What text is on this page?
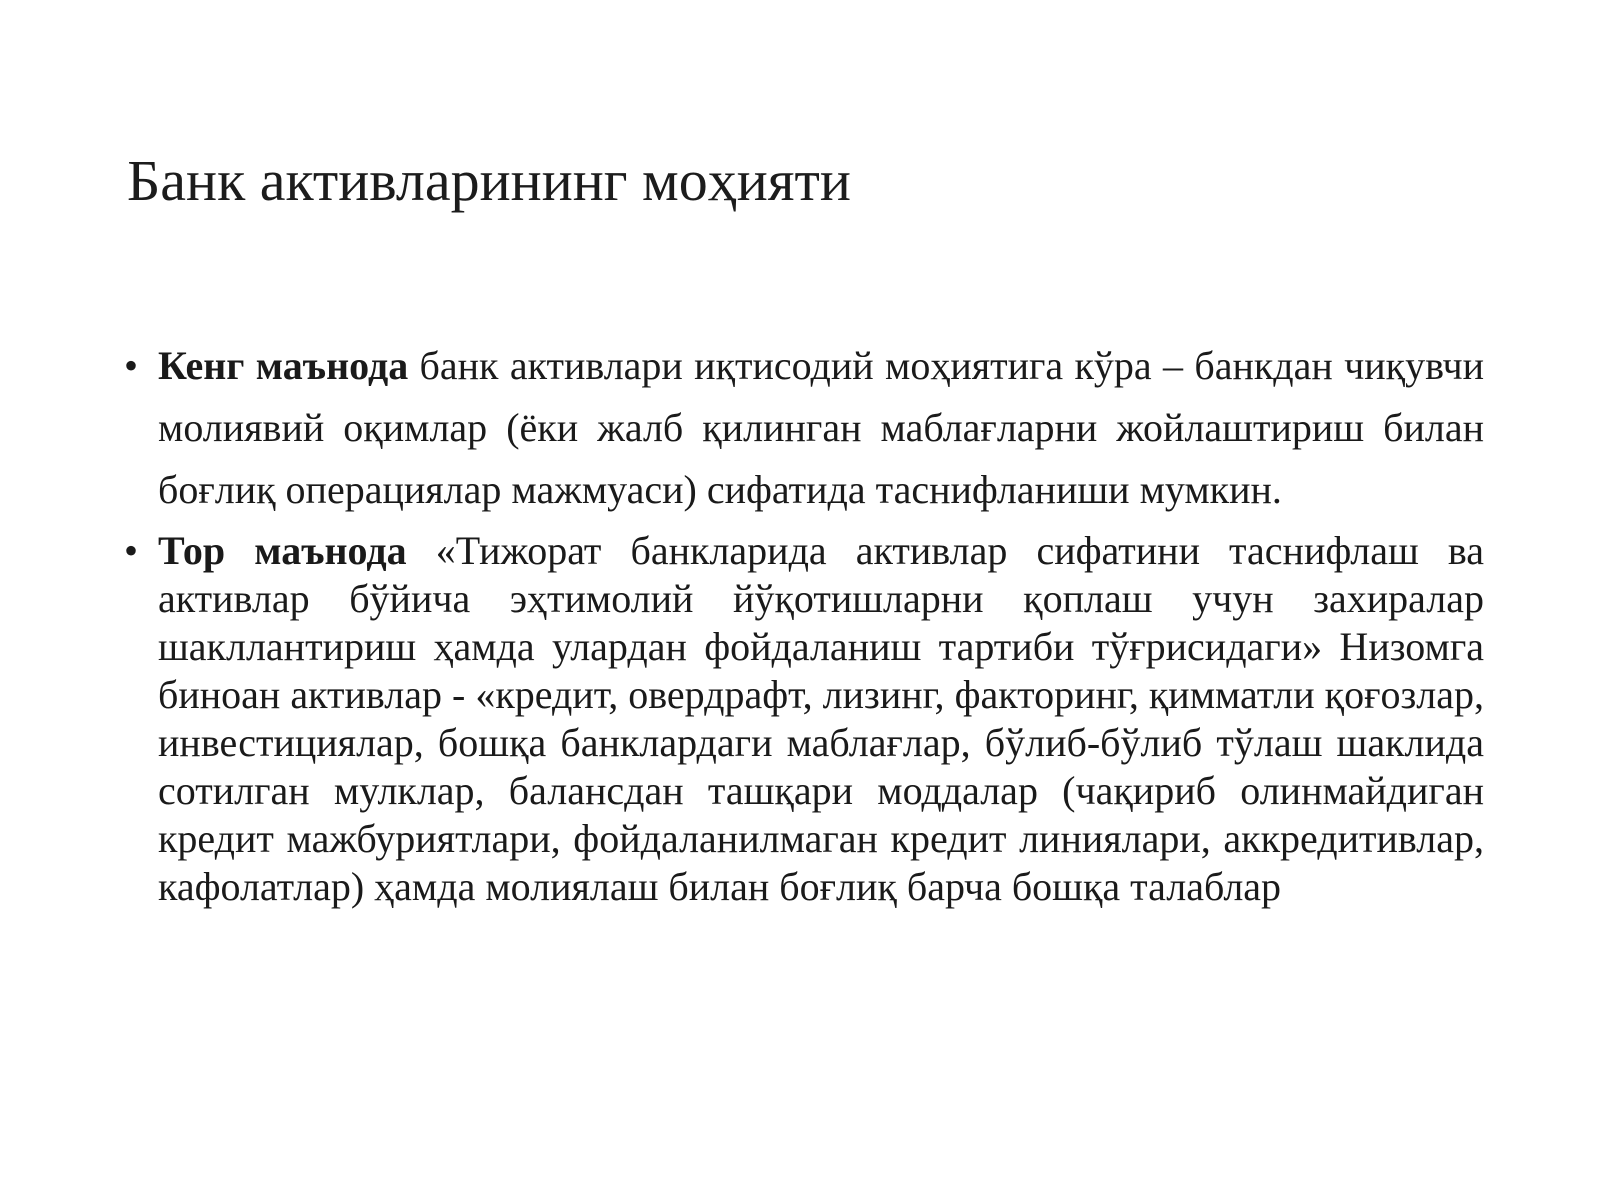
Банк активларининг моҳияти
• Кенг маънода банк активлари иқтисодий моҳиятига кўра – банкдан чиқувчи молиявий оқимлар (ёки жалб қилинган маблағларни жойлаштириш билан боғлиқ операциялар мажмуаси) сифатида таснифланиши мумкин.
• Тор маънода «Тижорат банкларида активлар сифатини таснифлаш ва активлар бўйича эҳтимолий йўқотишларни қоплаш учун захиралар шакллантириш ҳамда улардан фойдаланиш тартиби тўғрисидаги» Низомга биноан активлар - «кредит, овердрафт, лизинг, факторинг, қимматли қоғозлар, инвестициялар, бошқа банклардаги маблағлар, бўлиб-бўлиб тўлаш шаклида сотилган мулклар, балансдан ташқари моддалар (чақириб олинмайдиган кредит мажбуриятлари, фойдаланилмаган кредит линиялари, аккредитивлар, кафолатлар) ҳамда молиялаш билан боғлиқ барча бошқа талаблар
